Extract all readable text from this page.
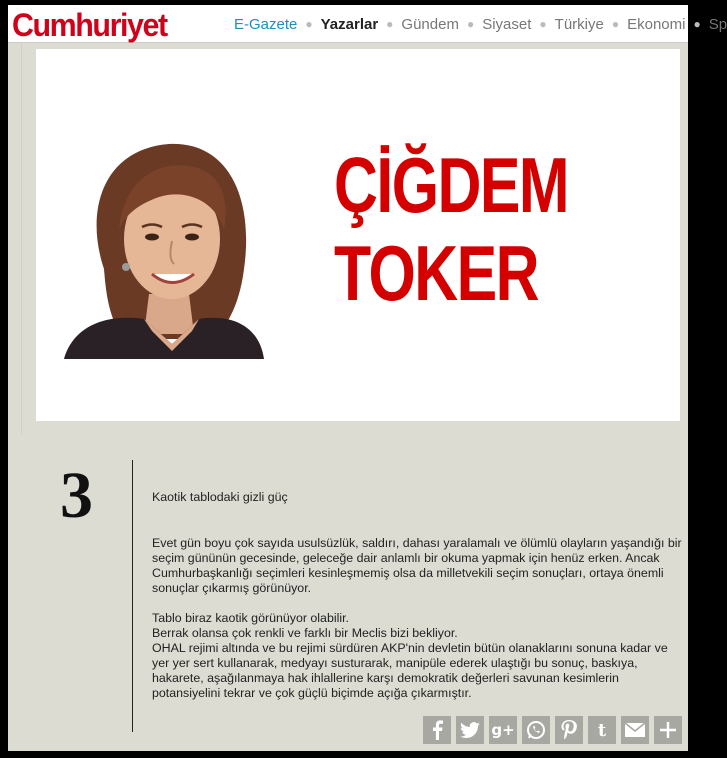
Cumhuriyet	E-Gazete ● Yazarlar ● Gündem ● Siyaset ● Türkiye ● Ekonomi ● Sp
ÇİĞDEM
TOKER
3	Kaotik tablodaki gizli güç

Evet gün boyu çok sayıda usulsüzlük, saldırı, dahası yaralamalı ve ölümlü olayların yaşandığı bir seçim gününün gecesinde, geleceğe dair anlamlı bir okuma yapmak için henüz erken. Ancak Cumhurbaşkanlığı seçimleri kesinleşmemiş olsa da milletvekili seçim sonuçları, ortaya önemli sonuçlar çıkarmış görünüyor.

Tablo biraz kaotik görünüyor olabilir.

Berrak olansa çok renkli ve farklı bir Meclis bizi bekliyor.

OHAL rejimi altında ve bu rejimi sürdüren AKP'nin devletin bütün olanaklarını sonuna kadar ve yer yer sert kullanarak, medyayı susturarak, manipüle ederek ulaştığı bu sonuç, baskıya, hakarete, aşağılanmaya hak ihlallerine karşı demokratik değerleri savunan kesimlerin potansiyelini tekrar ve çok güçlü biçimde açığa çıkarmıştır.

g+	t
